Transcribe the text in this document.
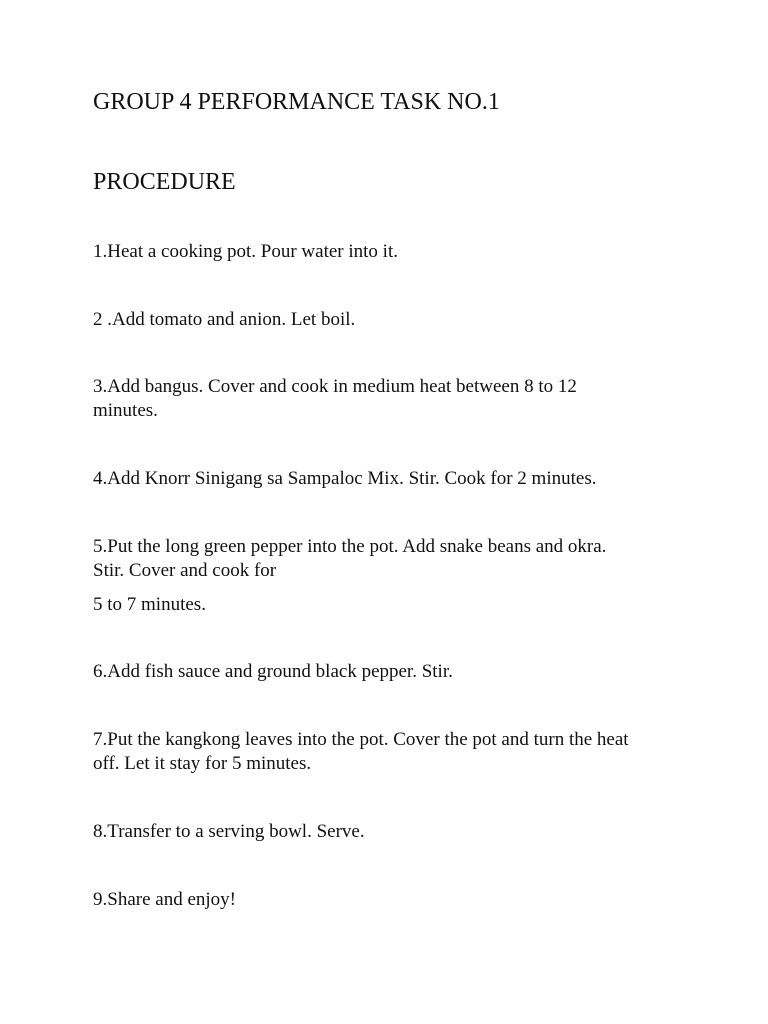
GROUP 4 PERFORMANCE TASK NO.1
PROCEDURE

1.Heat a cooking pot. Pour water into it.

2 .Add tomato and anion. Let boil.

3.Add bangus. Cover and cook in medium heat between 8 to 12
minutes.

4.Add Knorr Sinigang sa Sampaloc Mix. Stir. Cook for 2 minutes.

5.Put the long green pepper into the pot. Add snake beans and okra.
Stir. Cover and cook for

5 to 7 minutes.

6.Add fish sauce and ground black pepper. Stir.

7.Put the kangkong leaves into the pot. Cover the pot and turn the heat
off. Let it stay for 5 minutes.

8.Transfer to a serving bowl. Serve.

9.Share and enjoy!
